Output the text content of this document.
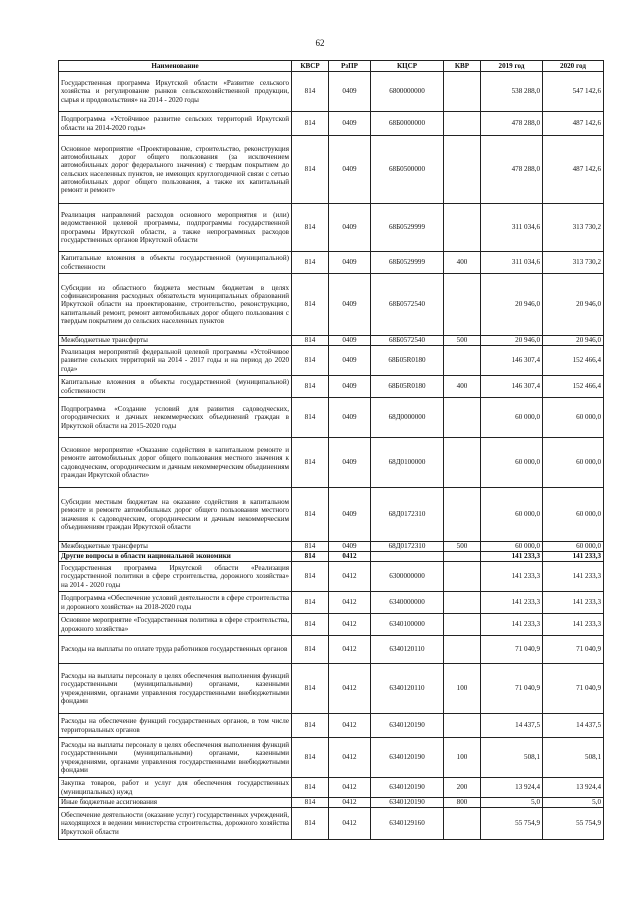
62
Наименование	КВСР	РзПР	КЦСР	КВР	2019 год	2020 год
Государственная программа Иркутской области «Развитие сельского хозяйства и регулирование рынков сельскохозяйственной продукции, сырья и продовольствия» на 2014 - 2020 годы	814	0409	6800000000		538 288,0	547 142,6
Подпрограмма «Устойчивое развитие сельских территорий Иркутской области на 2014-2020 годы»	814	0409	68Б0000000		478 288,0	487 142,6
Основное мероприятие «Проектирование, строительство, реконструкция автомобильных дорог общего пользования (за исключением автомобильных дорог федерального значения) с твердым покрытием до сельских населенных пунктов, не имеющих круглогодичной связи с сетью автомобильных дорог общего пользования, а также их капитальный ремонт и ремонт»	814	0409	68Б0500000		478 288,0	487 142,6
Реализация направлений расходов основного мероприятия и (или) ведомственной целевой программы, подпрограммы государственной программы Иркутской области, а также непрограммных расходов государственных органов Иркутской области	814	0409	68Б0529999		311 034,6	313 730,2
Капитальные вложения в объекты государственной (муниципальной) собственности	814	0409	68Б0529999	400	311 034,6	313 730,2
Субсидии из областного бюджета местным бюджетам в целях софинансирования расходных обязательств муниципальных образований Иркутской области на проектирование, строительство, реконструкцию, капитальный ремонт, ремонт автомобильных дорог общего пользования с твердым покрытием до сельских населенных пунктов	814	0409	68Б0572540		20 946,0	20 946,0
Межбюджетные трансферты	814	0409	68Б0572540	500	20 946,0	20 946,0
Реализация мероприятий федеральной целевой программы «Устойчивое развитие сельских территорий на 2014 - 2017 годы и на период до 2020 года»	814	0409	68Б05R0180		146 307,4	152 466,4
Капитальные вложения в объекты государственной (муниципальной) собственности	814	0409	68Б05R0180	400	146 307,4	152 466,4
Подпрограмма «Создание условий для развития садоводческих, огороднических и дачных некоммерческих объединений граждан в Иркутской области на 2015-2020 годы	814	0409	68Д0000000		60 000,0	60 000,0
Основное мероприятие «Оказание содействия в капитальном ремонте и ремонте автомобильных дорог общего пользования местного значения к садоводческим, огородническим и дачным некоммерческим объединениям граждан Иркутской области»	814	0409	68Д0100000		60 000,0	60 000,0
Субсидии местным бюджетам на оказание содействия в капитальном ремонте и ремонте автомобильных дорог общего пользования местного значения к садоводческим, огородническим и дачным некоммерческим объединениям граждан Иркутской области	814	0409	68Д0172310		60 000,0	60 000,0
Межбюджетные трансферты	814	0409	68Д0172310	500	60 000,0	60 000,0
Другие вопросы в области национальной экономики	814	0412			141 233,3	141 233,3
Государственная программа Иркутской области «Реализация государственной политики в сфере строительства, дорожного хозяйства» на 2014 - 2020 годы	814	0412	6300000000		141 233,3	141 233,3
Подпрограмма «Обеспечение условий деятельности в сфере строительства и дорожного хозяйства» на 2018-2020 годы	814	0412	6340000000		141 233,3	141 233,3
Основное мероприятие «Государственная политика в сфере строительства, дорожного хозяйства»	814	0412	6340100000		141 233,3	141 233,3
Расходы на выплаты по оплате труда работников государственных органов	814	0412	6340120110		71 040,9	71 040,9
Расходы на выплаты персоналу в целях обеспечения выполнения функций государственными (муниципальными) органами, казенными учреждениями, органами управления государственными внебюджетными фондами	814	0412	6340120110	100	71 040,9	71 040,9
Расходы на обеспечение функций государственных органов, в том числе территориальных органов	814	0412	6340120190		14 437,5	14 437,5
Расходы на выплаты персоналу в целях обеспечения выполнения функций государственными (муниципальными) органами, казенными учреждениями, органами управления государственными внебюджетными фондами	814	0412	6340120190	100	508,1	508,1
Закупка товаров, работ и услуг для обеспечения государственных (муниципальных) нужд	814	0412	6340120190	200	13 924,4	13 924,4
Иные бюджетные ассигнования	814	0412	6340120190	800	5,0	5,0
Обеспечение деятельности (оказание услуг) государственных учреждений, находящихся в ведении министерства строительства, дорожного хозяйства Иркутской области	814	0412	6340129160		55 754,9	55 754,9
